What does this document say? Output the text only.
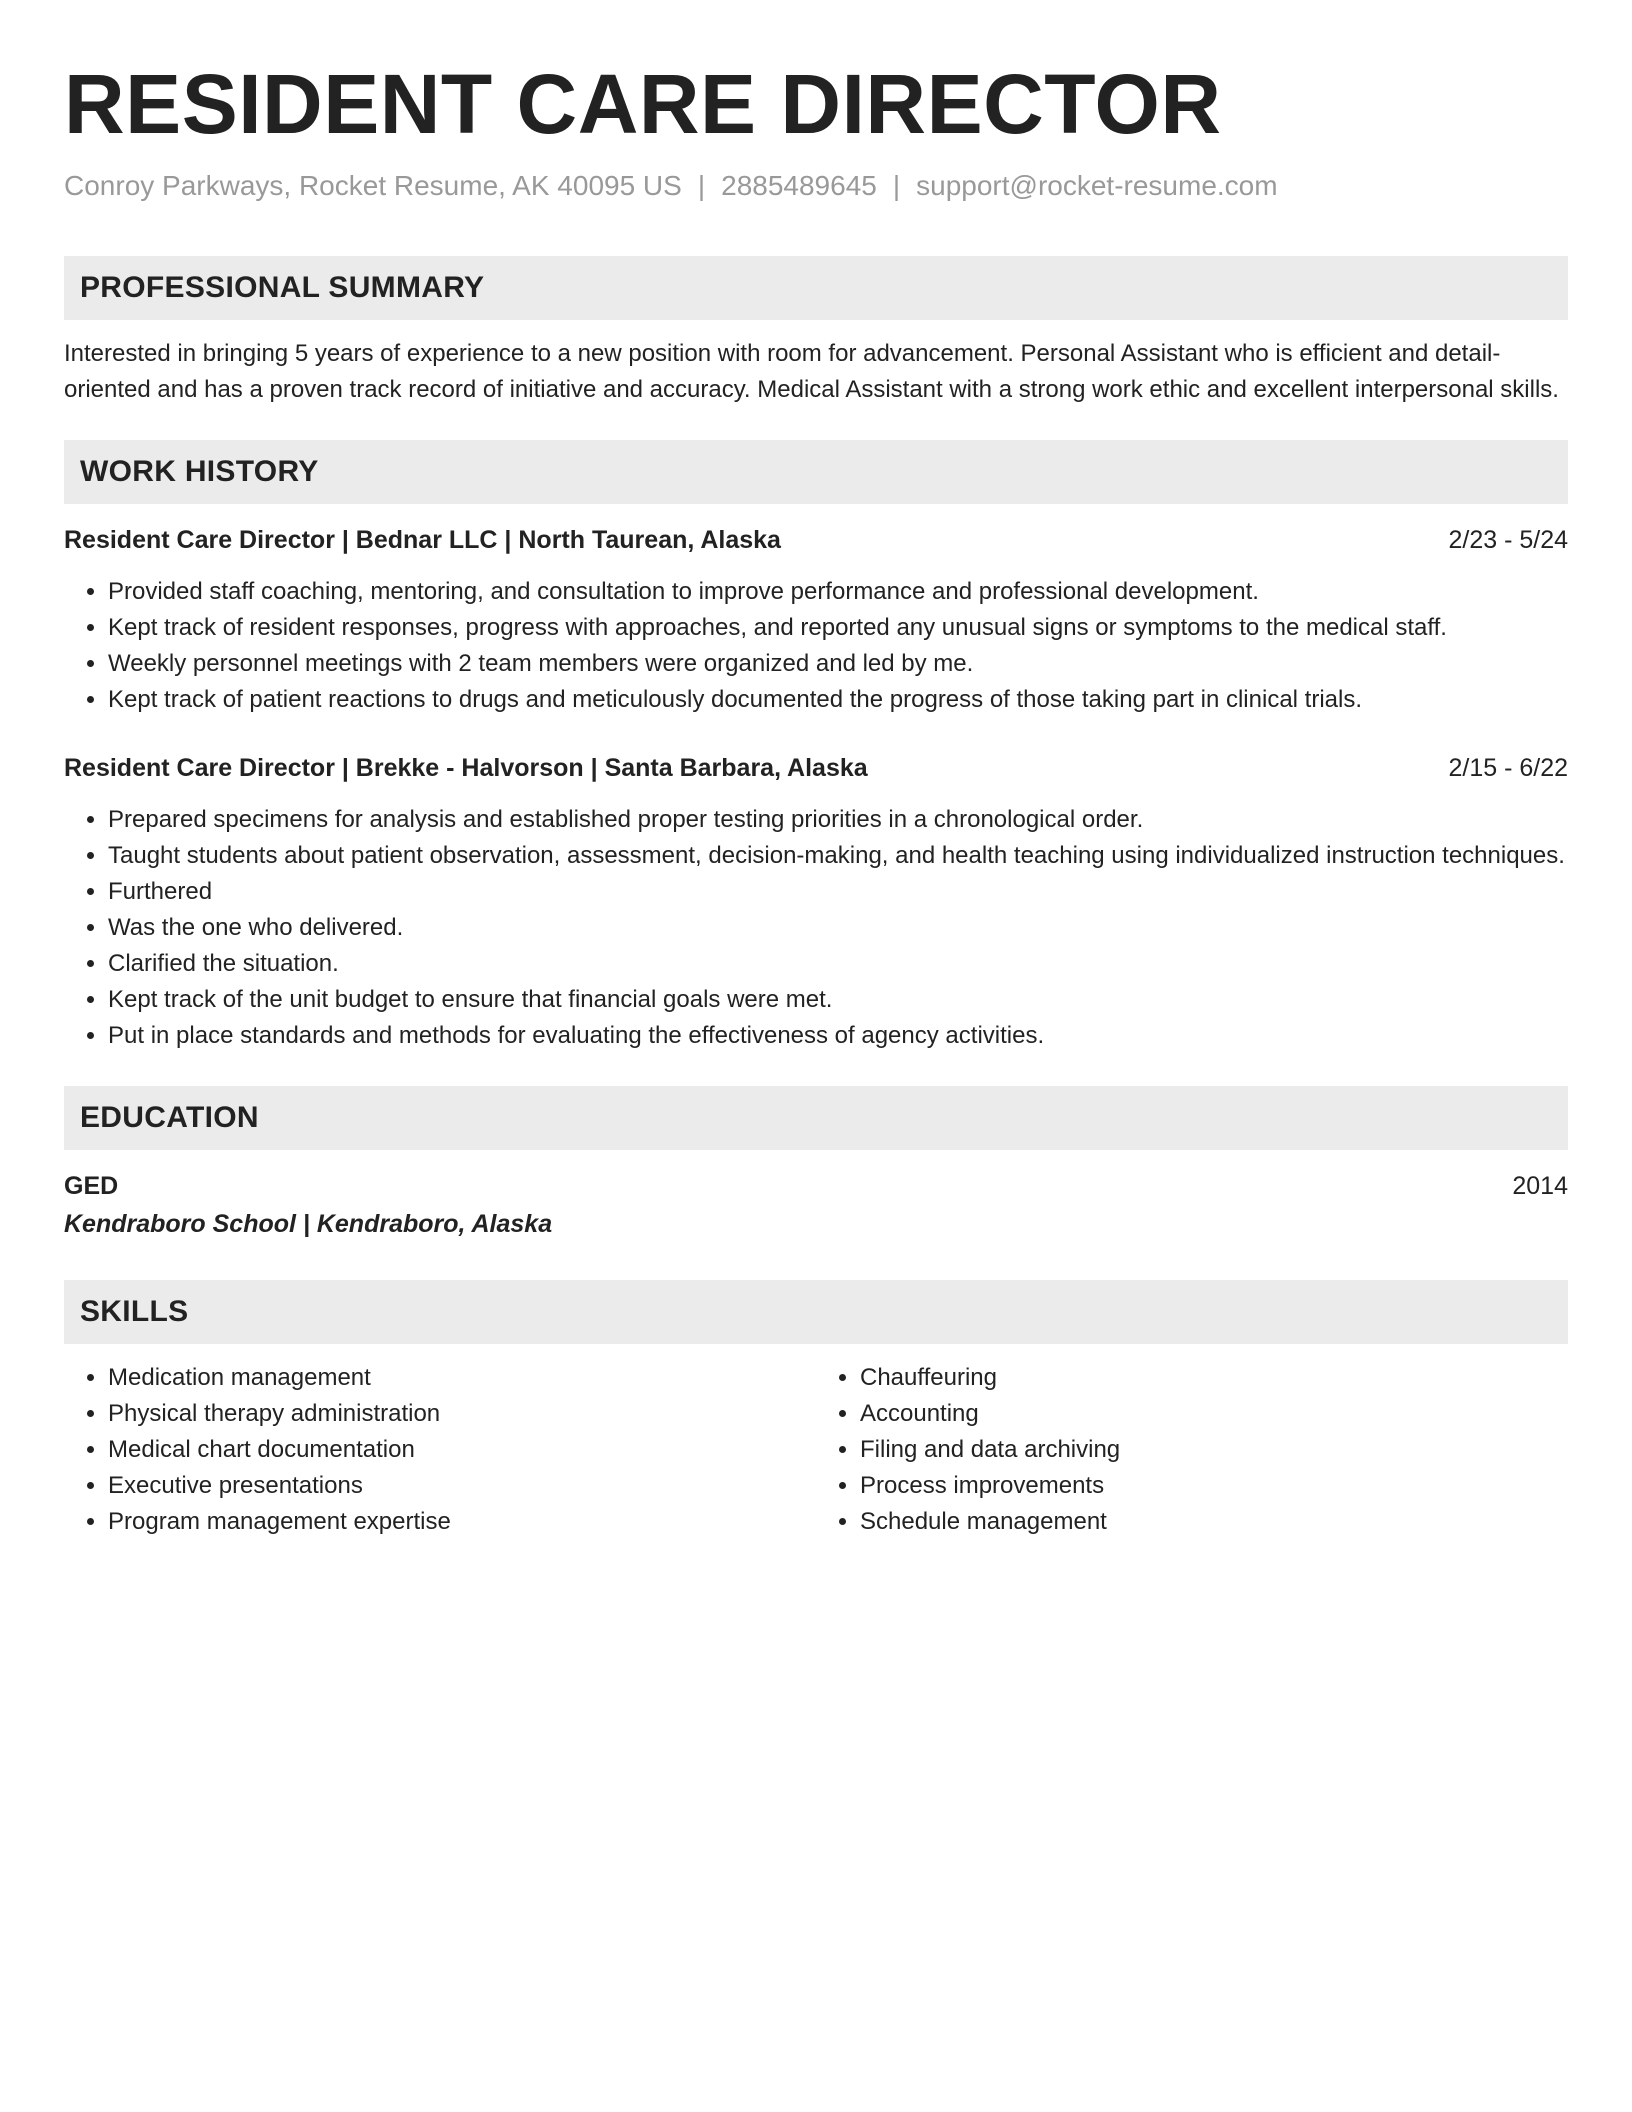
RESIDENT CARE DIRECTOR
Conroy Parkways, Rocket Resume, AK 40095 US | 2885489645 | support@rocket-resume.com
PROFESSIONAL SUMMARY

Interested in bringing 5 years of experience to a new position with room for advancement. Personal Assistant who is efficient and detail-oriented and has a proven track record of initiative and accuracy. Medical Assistant with a strong work ethic and excellent interpersonal skills.

WORK HISTORY
Resident Care Director | Bednar LLC | North Taurean, Alaska	2/23 - 5/24
• Provided staff coaching, mentoring, and consultation to improve performance and professional development.
• Kept track of resident responses, progress with approaches, and reported any unusual signs or symptoms to the medical staff.
• Weekly personnel meetings with 2 team members were organized and led by me.
• Kept track of patient reactions to drugs and meticulously documented the progress of those taking part in clinical trials.
Resident Care Director | Brekke - Halvorson | Santa Barbara, Alaska	2/15 - 6/22
• Prepared specimens for analysis and established proper testing priorities in a chronological order.
• Taught students about patient observation, assessment, decision-making, and health teaching using individualized instruction techniques.
• Furthered
• Was the one who delivered.
• Clarified the situation.
• Kept track of the unit budget to ensure that financial goals were met.
• Put in place standards and methods for evaluating the effectiveness of agency activities.
EDUCATION
GED	2014
Kendraboro School | Kendraboro, Alaska
SKILLS
• Medication management
• Physical therapy administration
• Medical chart documentation
• Executive presentations
• Program management expertise
• Chauffeuring
• Accounting
• Filing and data archiving
• Process improvements
• Schedule management
